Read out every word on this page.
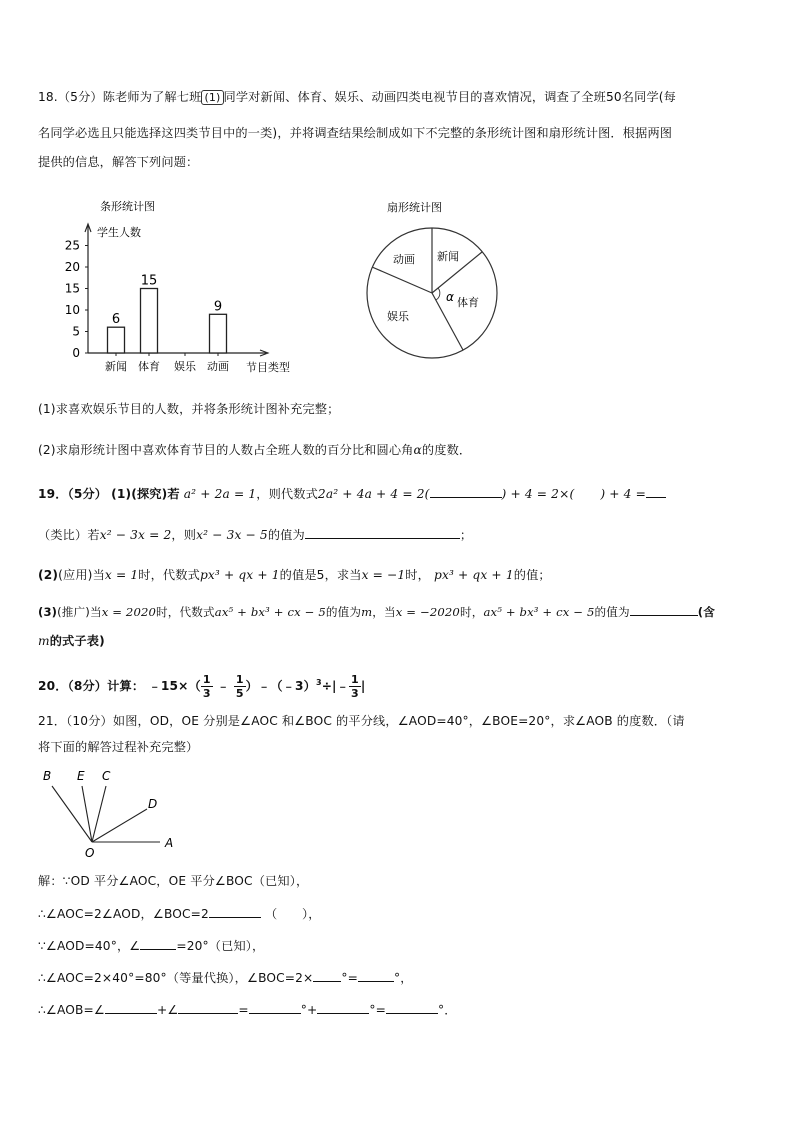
18.（5分）陈老师为了解七班 (1) 同学对新闻、体育、娱乐、动画四类电视节目的喜欢情况，调查了全班50名同学(每
名同学必选且只能选择这四类节目中的一类)，并将调查结果绘制成如下不完整的条形统计图和扇形统计图．根据两图
提供的信息，解答下列问题：
条形统计图
学生人数
0
5
10
15
20
25
6
新闻
15
体育 娱乐
9
动画 节目类型
扇形统计图
动画 新闻
体育
娱乐
α
(1)求喜欢娱乐节目的人数，并将条形统计图补充完整；
(2)求扇形统计图中喜欢体育节目的人数占全班人数的百分比和圆心角α的度数．
19．（5分） (1)(探究)若 a² + 2a = 1，则代数式2a² + 4a + 4 = 2(	) + 4 = 2×( ) + 4 =
（类比）若x² − 3x = 2，则x² − 3x − 5的值为	；
(2)(应用)当x = 1时，代数式px³ + qx + 1的值是5，求当x = −1时， px³ + qx + 1的值；
(3)(推广)当x = 2020时，代数式ax⁵ + bx³ + cx − 5的值为m，当x = −2020时，ax⁵ + bx³ + cx − 5的值为	(含
m的式子表)
20．（8分）计算： ﹣15×（ $\frac{1}{3}$ ﹣ $\frac{1}{5}$ ）﹣（﹣3）$^3$÷|﹣ $\frac{1}{3}$ |
21．（10分）如图，OD，OE 分别是∠AOC 和∠BOC 的平分线，∠AOD=40°，∠BOE=20°，求∠AOB 的度数．（请
将下面的解答过程补充完整）
B E C
D
O
A
解：∵OD 平分∠AOC，OE 平分∠BOC（已知），
∴∠AOC=2∠AOD，∠BOC=2	（　　），
∵∠AOD=40°，∠	=20°（已知），
∴∠AOC=2×40°=80°（等量代换），∠BOC=2× °=	°，
∴∠AOB=∠	+∠	=	°+	°=	°．
